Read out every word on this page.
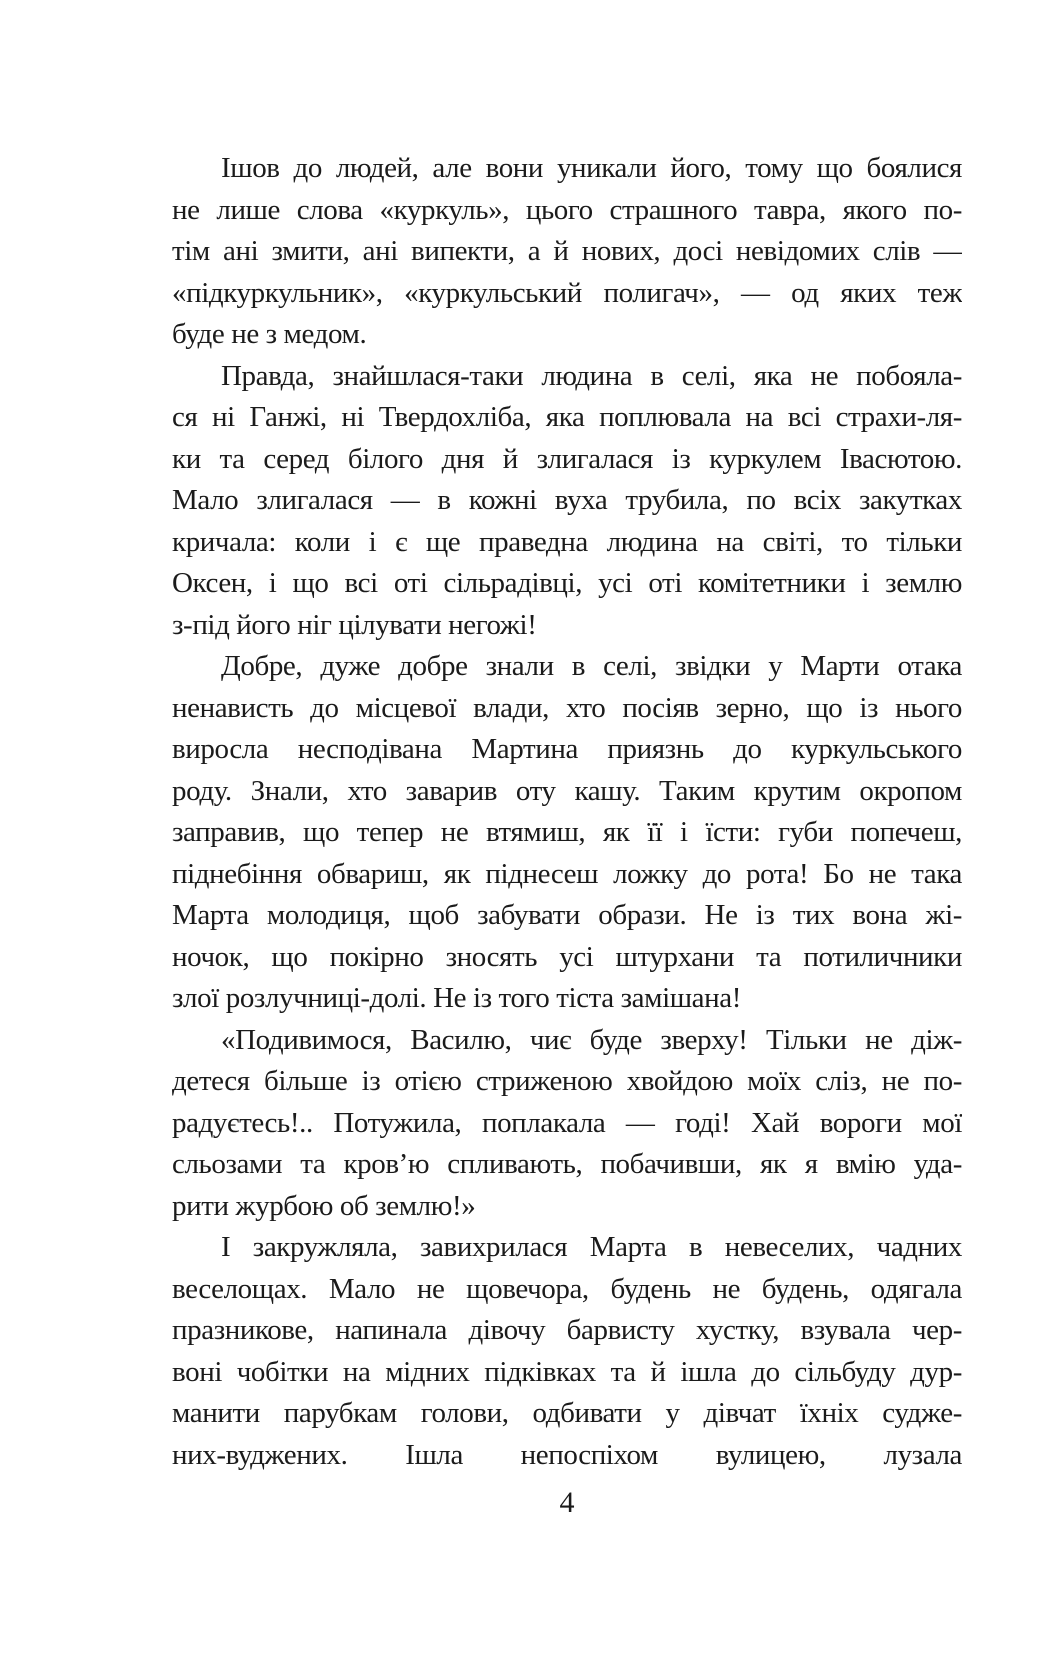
Ішов до людей, але вони уникали його, тому що боялися
не лише слова «куркуль», цього страшного тавра, якого по-
тім ані змити, ані випекти, а й нових, досі невідомих слів —
«підкуркульник», «куркульський полигач», — од яких теж
буде не з медом.
Правда, знайшлася-таки людина в селі, яка не побояла-
ся ні Ганжі, ні Твердохліба, яка поплювала на всі страхи-ля-
ки та серед білого дня й злигалася із куркулем Івасютою.
Мало злигалася — в кожні вуха трубила, по всіх закутках
кричала: коли і є ще праведна людина на світі, то тільки
Оксен, і що всі оті сільрадівці, усі оті комітетники і землю
з-під його ніг цілувати негожі!
Добре, дуже добре знали в селі, звідки у Марти отака
ненависть до місцевої влади, хто посіяв зерно, що із нього
виросла несподівана Мартина приязнь до куркульського
роду. Знали, хто заварив оту кашу. Таким крутим окропом
заправив, що тепер не втямиш, як її і їсти: губи попечеш,
піднебіння обвариш, як піднесеш ложку до рота! Бо не така
Марта молодиця, щоб забувати образи. Не із тих вона жі-
ночок, що покірно зносять усі штурхани та потиличники
злої розлучниці-долі. Не із того тіста замішана!
«Подивимося, Василю, чиє буде зверху! Тільки не діж-
детеся більше із отією стриженою хвойдою моїх сліз, не по-
радуєтесь!.. Потужила, поплакала — годі! Хай вороги мої
сльозами та кров’ю спливають, побачивши, як я вмію уда-
рити журбою об землю!»
І закружляла, завихрилася Марта в невеселих, чадних
веселощах. Мало не щовечора, будень не будень, одягала
празникове, напинала дівочу барвисту хустку, взувала чер-
воні чобітки на мідних підківках та й ішла до сільбуду дур-
манити парубкам голови, одбивати у дівчат їхніх судже-
них-вуджених. Ішла непоспіхом вулицею, лузала
4
